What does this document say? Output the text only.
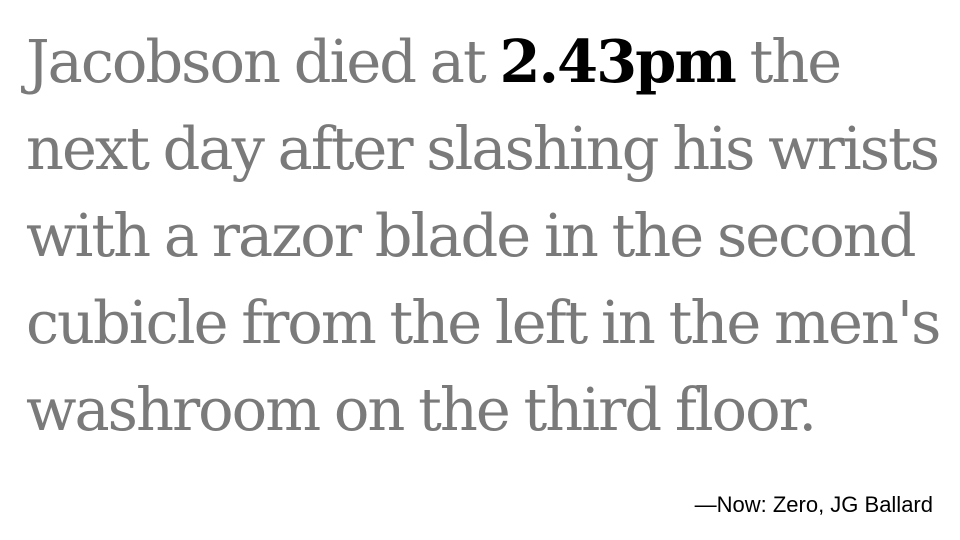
Jacobson died at 2.43pm the
next day after slashing his wrists
with a razor blade in the second
cubicle from the left in the men's
washroom on the third floor.

—Now: Zero, JG Ballard
